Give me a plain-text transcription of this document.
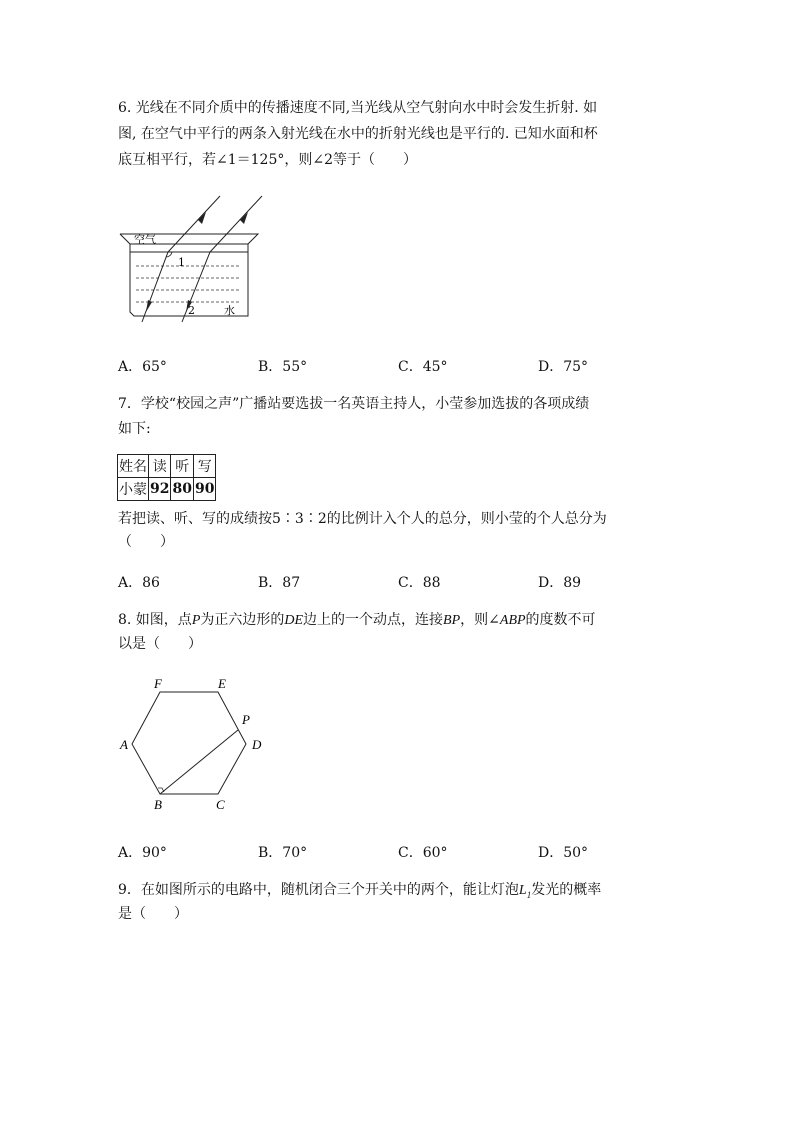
6. 光线在不同介质中的传播速度不同,当光线从空气射向水中时会发生折射. 如
图, 在空气中平行的两条入射光线在水中的折射光线也是平行的. 已知水面和杯
底互相平行，若∠1＝125°，则∠2等于（　　）
空气
1
2	水
A．65°	B．55°	C．45°	D．75°
7．学校“校园之声”广播站要选拔一名英语主持人，小莹参加选拔的各项成绩
如下:
姓名	读	听	写
小蒙	92	80	90
若把读、听、写的成绩按5∶3∶2的比例计入个人的总分，则小莹的个人总分为
（　　）
A．86	B．87	C．88	D．89
8. 如图，点P为正六边形的DE边上的一个动点，连接BP，则∠ABP的度数不可
以是（　　）
A
B	C
D
E
F
P
A．90°	B．70°	C．60°	D．50°
9．在如图所示的电路中，随机闭合三个开关中的两个，能让灯泡$L_1$发光的概率
是（　　）
